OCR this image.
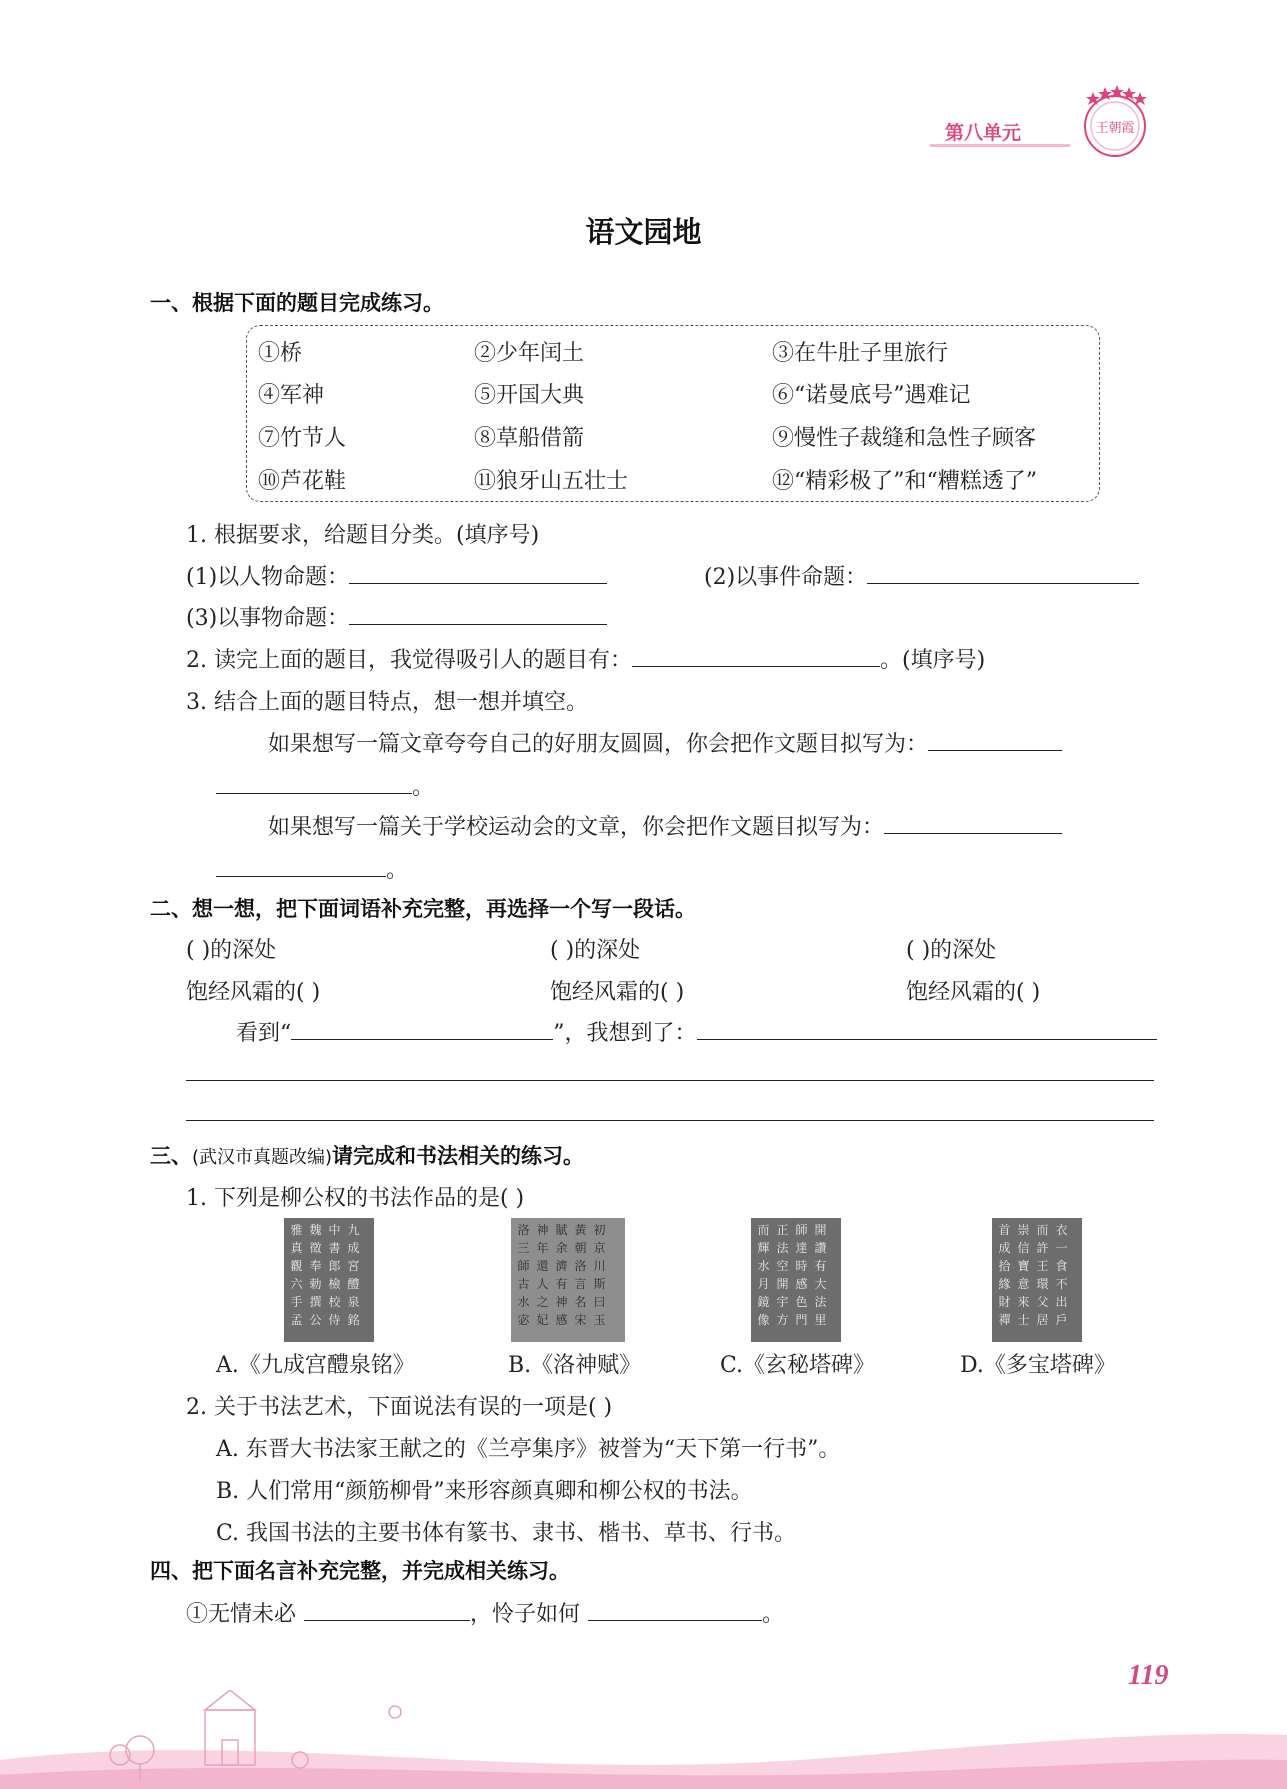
第八单元	王朝霞
语文园地
一、根据下面的题目完成练习。
①桥	②少年闰土	③在牛肚子里旅行
④军神	⑤开国大典	⑥“诺曼底号”遇难记
⑦竹节人	⑧草船借箭	⑨慢性子裁缝和急性子顾客
⑩芦花鞋	⑪狼牙山五壮士	⑫“精彩极了”和“糟糕透了”
1. 根据要求，给题目分类。(填序号)
(1)以人物命题：	(2)以事件命题：
(3)以事物命题：
2. 读完上面的题目，我觉得吸引人的题目有：	。(填序号)
3. 结合上面的题目特点，想一想并填空。
如果想写一篇文章夸夸自己的好朋友圆圆，你会把作文题目拟写为：
。
如果想写一篇关于学校运动会的文章，你会把作文题目拟写为：
。
二、想一想，把下面词语补充完整，再选择一个写一段话。
( )的深处	( )的深处	( )的深处
饱经风霜的( )	饱经风霜的( )	饱经风霜的( )
看到“	”，我想到了：
三、(武汉市真题改编)请完成和书法相关的练习。
1. 下列是柳公权的书法作品的是( )
雅 魏 中 九
真 徵 書 成
觀 奉 郎 宮
六 勅 檢 醴
手 撰 校 泉
孟 公 侍 銘
洛 神 賦 黃 初
三 年 余 朝 京
師 還 濟 洛 川
古 人 有 言 斯
水 之 神 名 曰
宓 妃 感 宋 玉
而 正 師 開
輝 法 達 讚
水 空 時 有
月 開 感 大
鏡 宇 色 法
像 方 門 里
首 崇 而 衣
成 信 許 一
拾 寶 王 食
緣 意 環 不
財 來 父 出
禪 士 居 戶
A.《九成宫醴泉铭》	B.《洛神赋》	C.《玄秘塔碑》	D.《多宝塔碑》
2. 关于书法艺术，下面说法有误的一项是( )
A. 东晋大书法家王献之的《兰亭集序》被誉为“天下第一行书”。
B. 人们常用“颜筋柳骨”来形容颜真卿和柳公权的书法。
C. 我国书法的主要书体有篆书、隶书、楷书、草书、行书。
四、把下面名言补充完整，并完成相关练习。
①无情未必	，怜子如何	。
119
